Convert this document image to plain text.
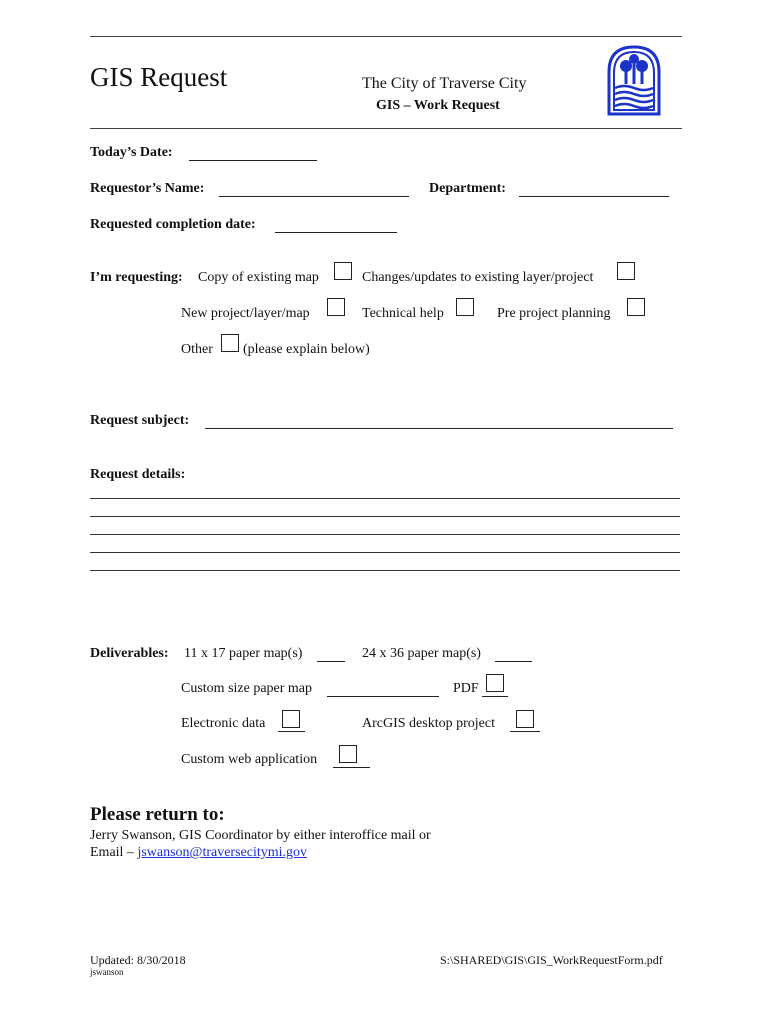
GIS Request	The City of Traverse City
GIS – Work Request
Today’s Date:
Requestor’s Name:	Department:
Requested completion date:
I’m requesting: Copy of existing map	Changes/updates to existing layer/project
New project/layer/map	Technical help	Pre project planning
Other (please explain below)
Request subject:
Request details:
Deliverables: 11 x 17 paper map(s)	24 x 36 paper map(s)
Custom size paper map	PDF
Electronic data	ArcGIS desktop project
Custom web application
Please return to:
Jerry Swanson, GIS Coordinator by either interoffice mail or
Email – jswanson@traversecitymi.gov
Updated: 8/30/2018
jswanson
S:\SHARED\GIS\GIS_WorkRequestForm.pdf
